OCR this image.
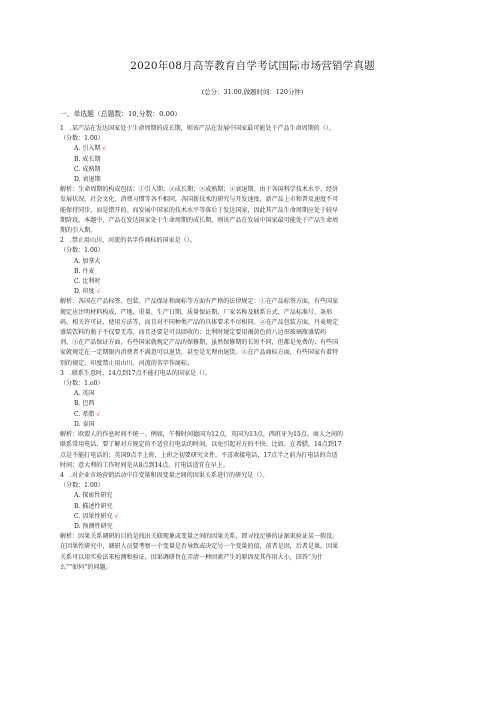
2020年08月高等教育自学考试国际市场营销学真题
(总分：31.00,做题时间：120分钟)
一、单选题（总题数：10,分数：0.00）
1　.某产品在发达国家处于生命周期的成长期，则该产品在发展中国家最可能处于产品生命周期的（）。
（分数：1.00）
A. 引入期 √
B. 成长期
C. 成熟期
D. 衰退期
解析：生命周期的构成包括：①引入期；②成长期；③成熟期；④衰退期。由于各国科学技术水平、经济
发展状况、社会文化、消费习惯等各不相同，各国新技术的研究与开发速度、新产品上市和普及速度不可
能保持同步，而是错开的。而发展中国家的技术水平等落后于发达国家，因此其产品生命周期应处于较早
期阶段。本题中，产品在发达国家处于生命周期的成长期，则该产品在发展中国家最可能处于产品生命周
期的引入期。
2　.禁止用山川、河流的名字作商标的国家是（）。
（分数：1.00）
A. 加拿大
B. 丹麦
C. 比利时
D. 印度 √
解析：各国在产品标签、包装、产品保证和商标等方面有严格的法律规定：①在产品标签方面，有些国家
规定应注明材料构成、产地、重量、生产日期、质量保证期、厂家名称及联系方式、产品标准号、条形
码、相关许可证、使用方法等，而且对不同种类产品的具体要求不尽相同。②在产品包装方面，丹麦规定
盛装饮料的瓶子不仅要无毒，而且还要是可以回收的；比利时规定要用褐黄色的八边形玻璃瓶盛装药
剂。③在产品保证方面，有些国家就规定产品的保修期，虽然保修期的长短不同，但都是免费的；有些国
家就规定在一定期限内消费者不满意可以退货，甚至是无理由退货。④在产品商标方面，有些国家有着特
别的规定。印度禁止用山川、河流的名字作商标。
3　.联系生意时，14点到17点不能打电话的国家是（）。
（分数：1.o0）
A. 英国
B. 巴西
C. 希腊 √
D. 泰国
解析：欧盟人的作息时间不统一。例如，午餐时间德国为12点，英国为13点，西班牙为15点。商人之间的
联系常用电话，要了解对方规定的不适宜打电话的时间，以免引起对方的不快。比如，在希腊，14点到17
点是不能打电话的；英国9点半上班，上班之初要研究文件，不喜欢接电话，17点半之前为打电话的合适
时间；意大利的工作时间是从8点到14点，打电话适宜在早上。
4　.对企业市场营销活动中自变量和因变量之间的因果关系进行的研究是（）。
（分数：1.00）
A. 探索性研究
B. 描述性研究
C. 因果性研究 √
D. 预测性研究
解析：因果关系调研的目的是找出关联现象或变量之间的因果关系，即寻找足够的证据来验证某一假设。
在因果性研究中，调研人员要考察一个变量是否导致或决定另一个变量的值，前者是因，后者是果。因果
关系可以用实验法来检测和验证。因果调研旨在弄清一种因素产生的原因及其作用大小，回答“为什
么”“如何”的问题。
